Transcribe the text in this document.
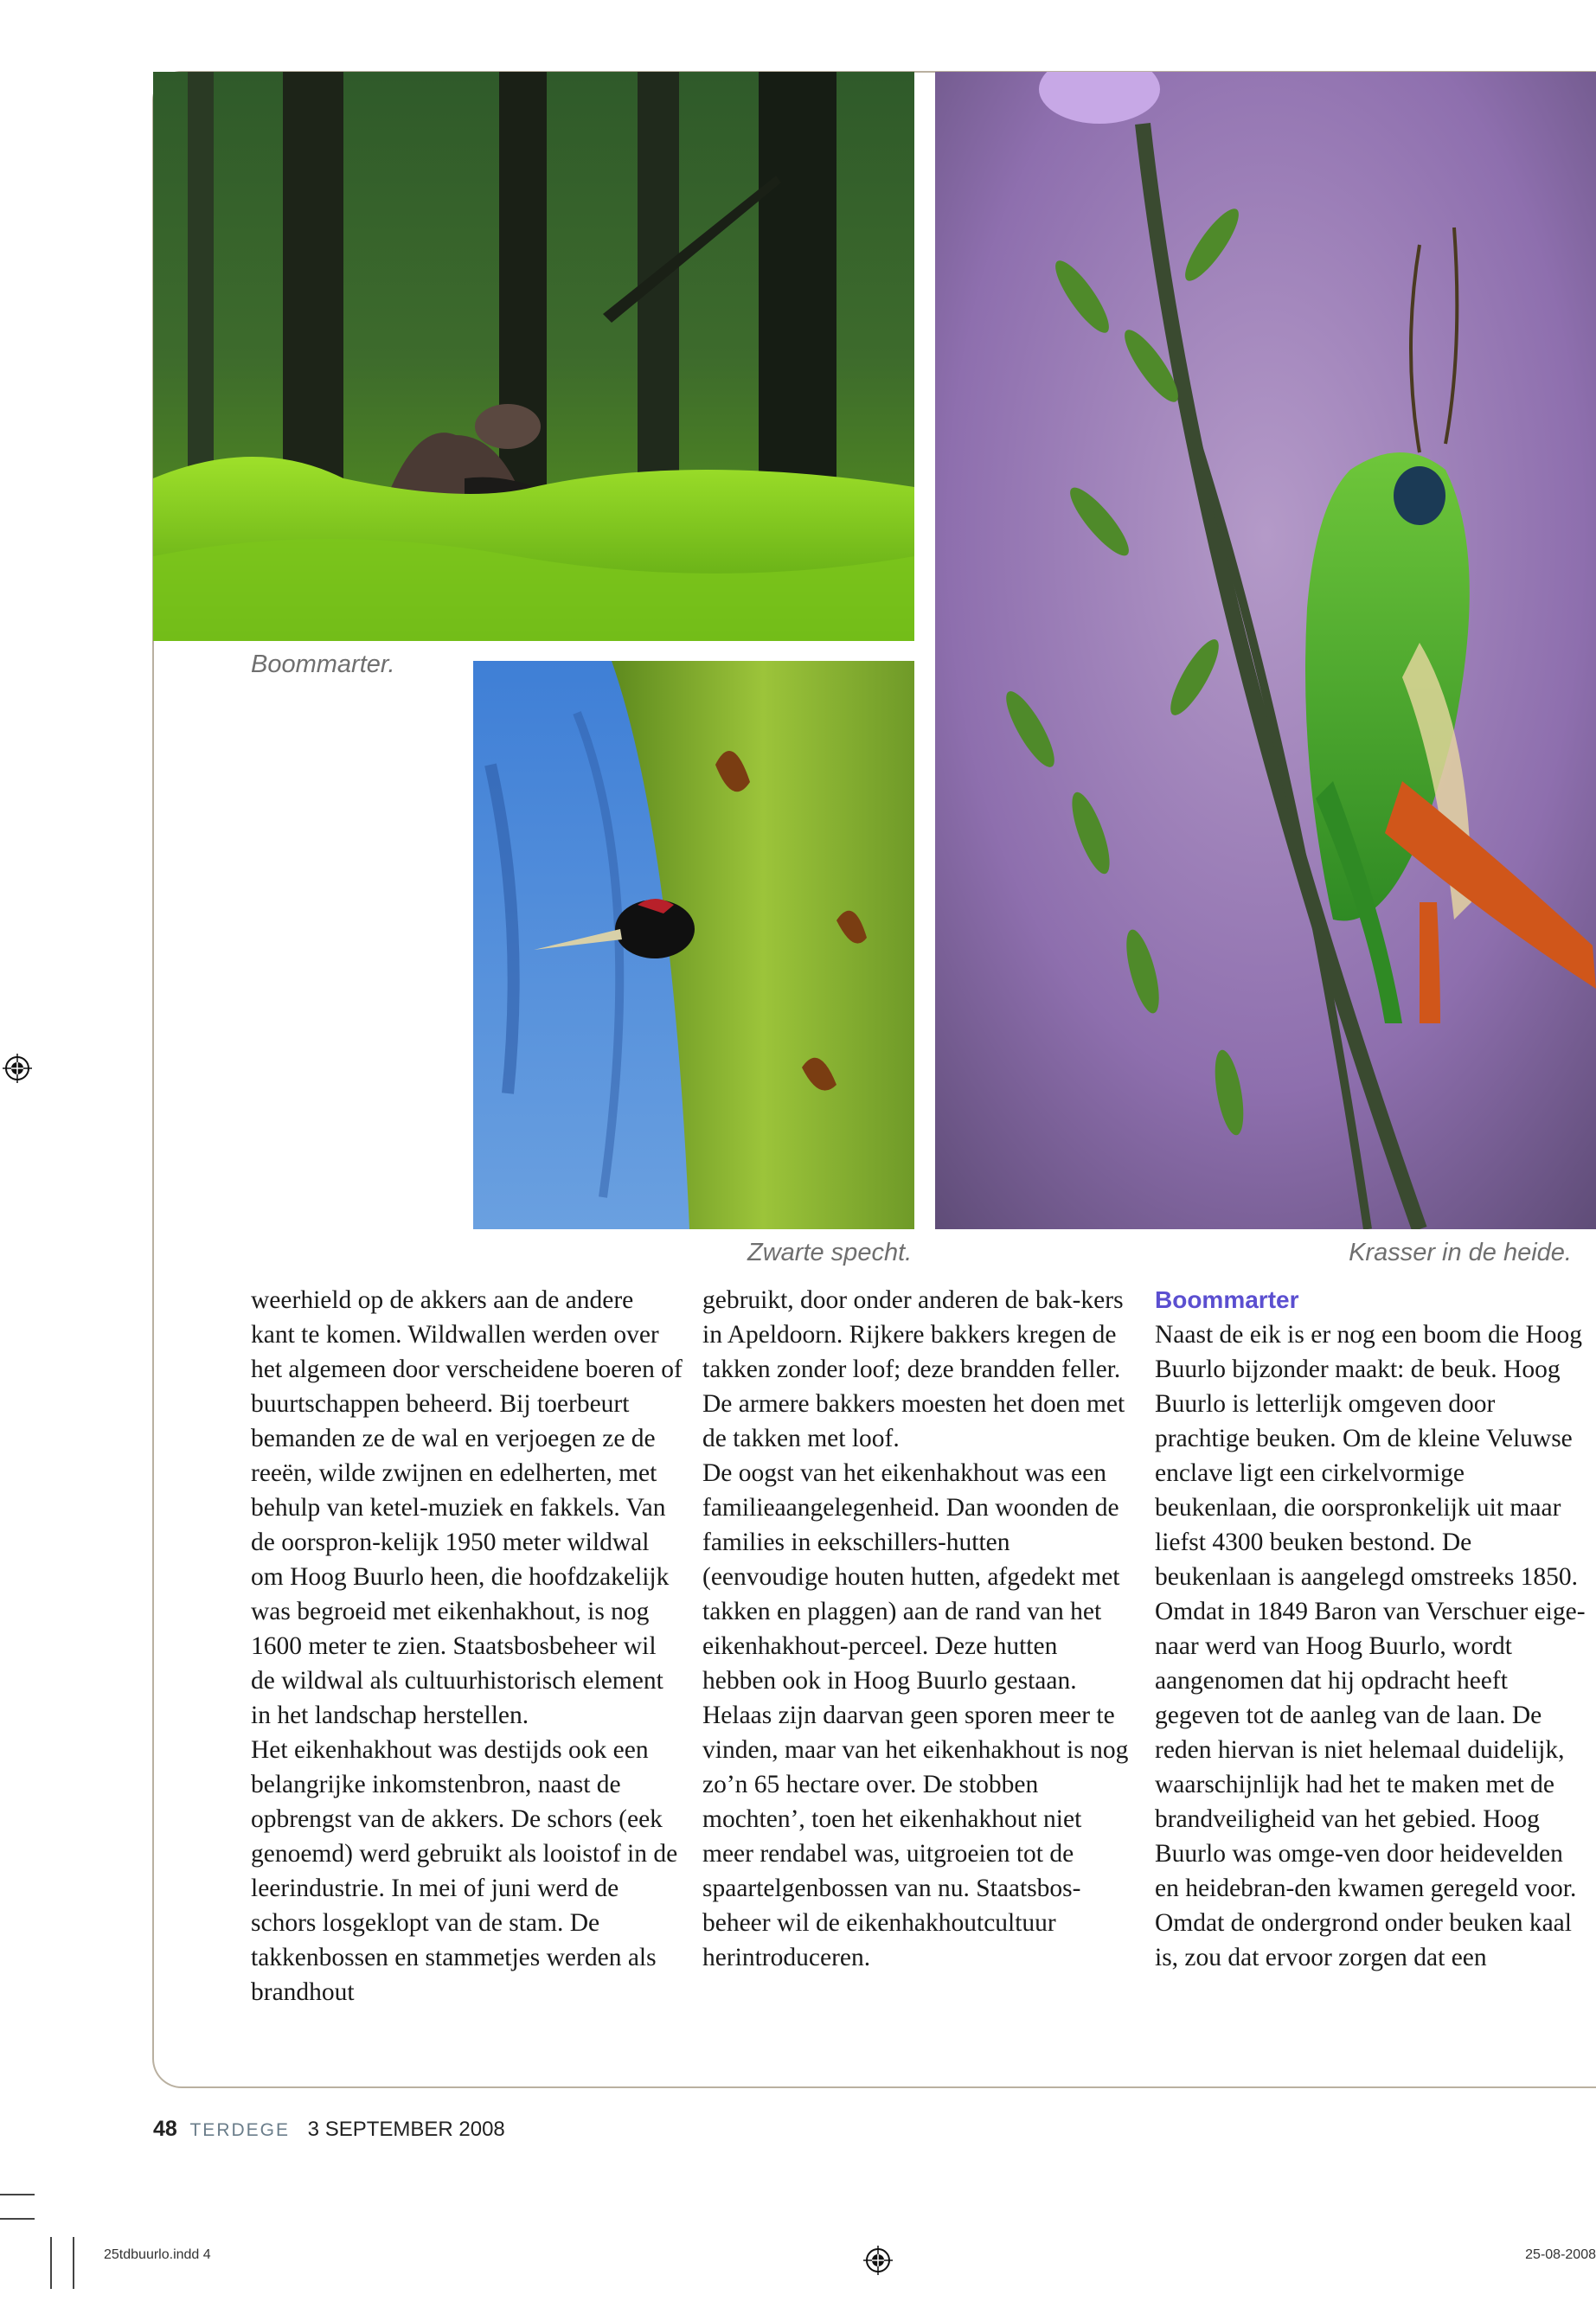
Boommarter.
Zwarte specht.	Krasser in de heide.

weerhield op de akkers aan de andere kant te komen. Wildwallen werden over het algemeen door verscheidene boeren of buurtschappen beheerd. Bij toerbeurt bemanden ze de wal en verjoegen ze de reeën, wilde zwijnen en edelherten, met behulp van ketel-muziek en fakkels. Van de oorspron-kelijk 1950 meter wildwal om Hoog Buurlo heen, die hoofdzakelijk was begroeid met eikenhakhout, is nog 1600 meter te zien. Staatsbosbeheer wil de wildwal als cultuurhistorisch element in het landschap herstellen.

Het eikenhakhout was destijds ook een belangrijke inkomstenbron, naast de opbrengst van de akkers. De schors (eek genoemd) werd gebruikt als looistof in de leerindustrie. In mei of juni werd de schors losgeklopt van de stam. De takkenbossen en stammetjes werden als brandhout

gebruikt, door onder anderen de bak-kers in Apeldoorn. Rijkere bakkers kregen de takken zonder loof; deze brandden feller. De armere bakkers moesten het doen met de takken met loof.

De oogst van het eikenhakhout was een familieaangelegenheid. Dan woonden de families in eekschillers-hutten (eenvoudige houten hutten, afgedekt met takken en plaggen) aan de rand van het eikenhakhout-perceel. Deze hutten hebben ook in Hoog Buurlo gestaan. Helaas zijn daarvan geen sporen meer te vinden, maar van het eikenhakhout is nog zo’n 65 hectare over. De stobben mochten’, toen het eikenhakhout niet meer rendabel was, uitgroeien tot de spaartelgenbossen van nu. Staatsbos-beheer wil de eikenhakhoutcultuur herintroduceren.

Boommarter

Naast de eik is er nog een boom die Hoog Buurlo bijzonder maakt: de beuk. Hoog Buurlo is letterlijk omgeven door prachtige beuken. Om de kleine Veluwse enclave ligt een cirkelvormige beukenlaan, die oorspronkelijk uit maar liefst 4300 beuken bestond. De beukenlaan is aangelegd omstreeks 1850. Omdat in 1849 Baron van Verschuer eige-naar werd van Hoog Buurlo, wordt aangenomen dat hij opdracht heeft gegeven tot de aanleg van de laan. De reden hiervan is niet helemaal duidelijk, waarschijnlijk had het te maken met de brandveiligheid van het gebied. Hoog Buurlo was omge-ven door heidevelden en heidebran-den kwamen geregeld voor. Omdat de ondergrond onder beuken kaal is, zou dat ervoor zorgen dat een

48 TERDEGE 3 SEPTEMBER 2008
25tdbuurlo.indd 4	25-08-2008
